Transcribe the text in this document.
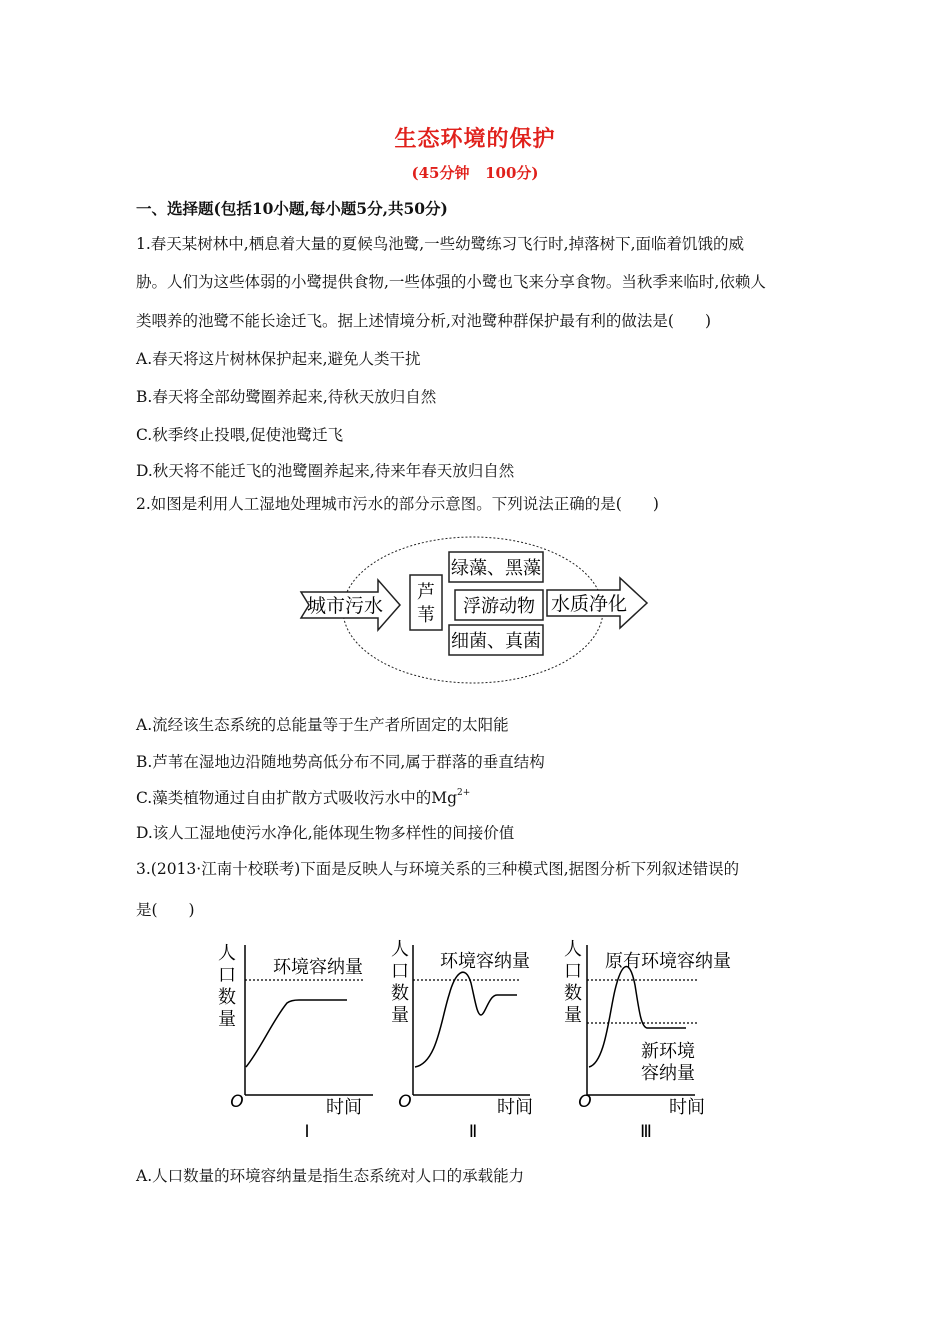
生态环境的保护
(45分钟   100分)
一、选择题(包括10小题,每小题5分,共50分)
1.春天某树林中,栖息着大量的夏候鸟池鹭,一些幼鹭练习飞行时,掉落树下,面临着饥饿的威
胁。人们为这些体弱的小鹭提供食物,一些体强的小鹭也飞来分享食物。当秋季来临时,依赖人
类喂养的池鹭不能长途迁飞。据上述情境分析,对池鹭种群保护最有利的做法是(　　)
A.春天将这片树林保护起来,避免人类干扰
B.春天将全部幼鹭圈养起来,待秋天放归自然
C.秋季终止投喂,促使池鹭迁飞
D.秋天将不能迁飞的池鹭圈养起来,待来年春天放归自然
2.如图是利用人工湿地处理城市污水的部分示意图。下列说法正确的是(　　)
城市污水
芦
苇
绿藻、黑藻
浮游动物
细菌、真菌
水质净化
A.流经该生态系统的总能量等于生产者所固定的太阳能
B.芦苇在湿地边沿随地势高低分布不同,属于群落的垂直结构
C.藻类植物通过自由扩散方式吸收污水中的$Mg^{2+}$
D.该人工湿地使污水净化,能体现生物多样性的间接价值
3.(2013·江南十校联考)下面是反映人与环境关系的三种模式图,据图分析下列叙述错误的
是(　　)
人
口
数
量
环境容纳量
O	时间
Ⅰ
人
口
数
量
环境容纳量
O	时间
Ⅱ
人
口
数
量
原有环境容纳量
新环境
容纳量
O	时间
Ⅲ
A.人口数量的环境容纳量是指生态系统对人口的承载能力
